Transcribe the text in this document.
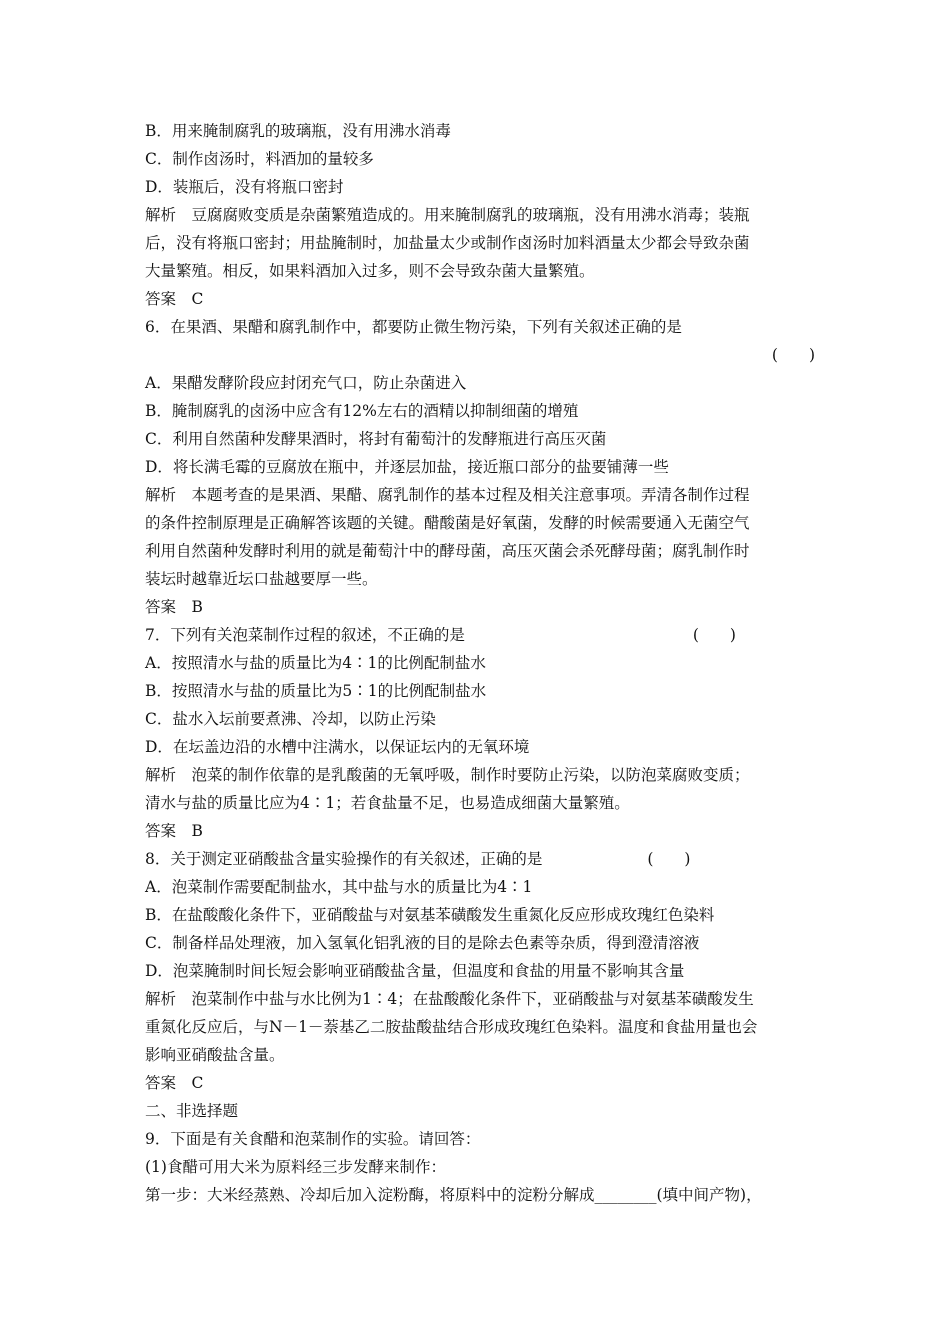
B．用来腌制腐乳的玻璃瓶，没有用沸水消毒
C．制作卤汤时，料酒加的量较多
D．装瓶后，没有将瓶口密封
解析　豆腐腐败变质是杂菌繁殖造成的。用来腌制腐乳的玻璃瓶，没有用沸水消毒；装瓶
后，没有将瓶口密封；用盐腌制时，加盐量太少或制作卤汤时加料酒量太少都会导致杂菌
大量繁殖。相反，如果料酒加入过多，则不会导致杂菌大量繁殖。
答案　C
6．在果酒、果醋和腐乳制作中，都要防止微生物污染，下列有关叙述正确的是
(　　)
A．果醋发酵阶段应封闭充气口，防止杂菌进入
B．腌制腐乳的卤汤中应含有12%左右的酒精以抑制细菌的增殖
C．利用自然菌种发酵果酒时，将封有葡萄汁的发酵瓶进行高压灭菌
D．将长满毛霉的豆腐放在瓶中，并逐层加盐，接近瓶口部分的盐要铺薄一些
解析　本题考查的是果酒、果醋、腐乳制作的基本过程及相关注意事项。弄清各制作过程
的条件控制原理是正确解答该题的关键。醋酸菌是好氧菌，发酵的时候需要通入无菌空气
利用自然菌种发酵时利用的就是葡萄汁中的酵母菌，高压灭菌会杀死酵母菌；腐乳制作时
装坛时越靠近坛口盐越要厚一些。
答案　B
7．下列有关泡菜制作过程的叙述，不正确的是	(　　)
A．按照清水与盐的质量比为4∶1的比例配制盐水
B．按照清水与盐的质量比为5∶1的比例配制盐水
C．盐水入坛前要煮沸、冷却，以防止污染
D．在坛盖边沿的水槽中注满水，以保证坛内的无氧环境
解析　泡菜的制作依靠的是乳酸菌的无氧呼吸，制作时要防止污染，以防泡菜腐败变质；
清水与盐的质量比应为4∶1；若食盐量不足，也易造成细菌大量繁殖。
答案　B
8．关于测定亚硝酸盐含量实验操作的有关叙述，正确的是	(　　)
A．泡菜制作需要配制盐水，其中盐与水的质量比为4∶1
B．在盐酸酸化条件下，亚硝酸盐与对氨基苯磺酸发生重氮化反应形成玫瑰红色染料
C．制备样品处理液，加入氢氧化铝乳液的目的是除去色素等杂质，得到澄清溶液
D．泡菜腌制时间长短会影响亚硝酸盐含量，但温度和食盐的用量不影响其含量
解析　泡菜制作中盐与水比例为1∶4；在盐酸酸化条件下，亚硝酸盐与对氨基苯磺酸发生
重氮化反应后，与N－1－萘基乙二胺盐酸盐结合形成玫瑰红色染料。温度和食盐用量也会
影响亚硝酸盐含量。
答案　C
二、非选择题
9．下面是有关食醋和泡菜制作的实验。请回答：
(1)食醋可用大米为原料经三步发酵来制作：
第一步：大米经蒸熟、冷却后加入淀粉酶，将原料中的淀粉分解成________(填中间产物)，
